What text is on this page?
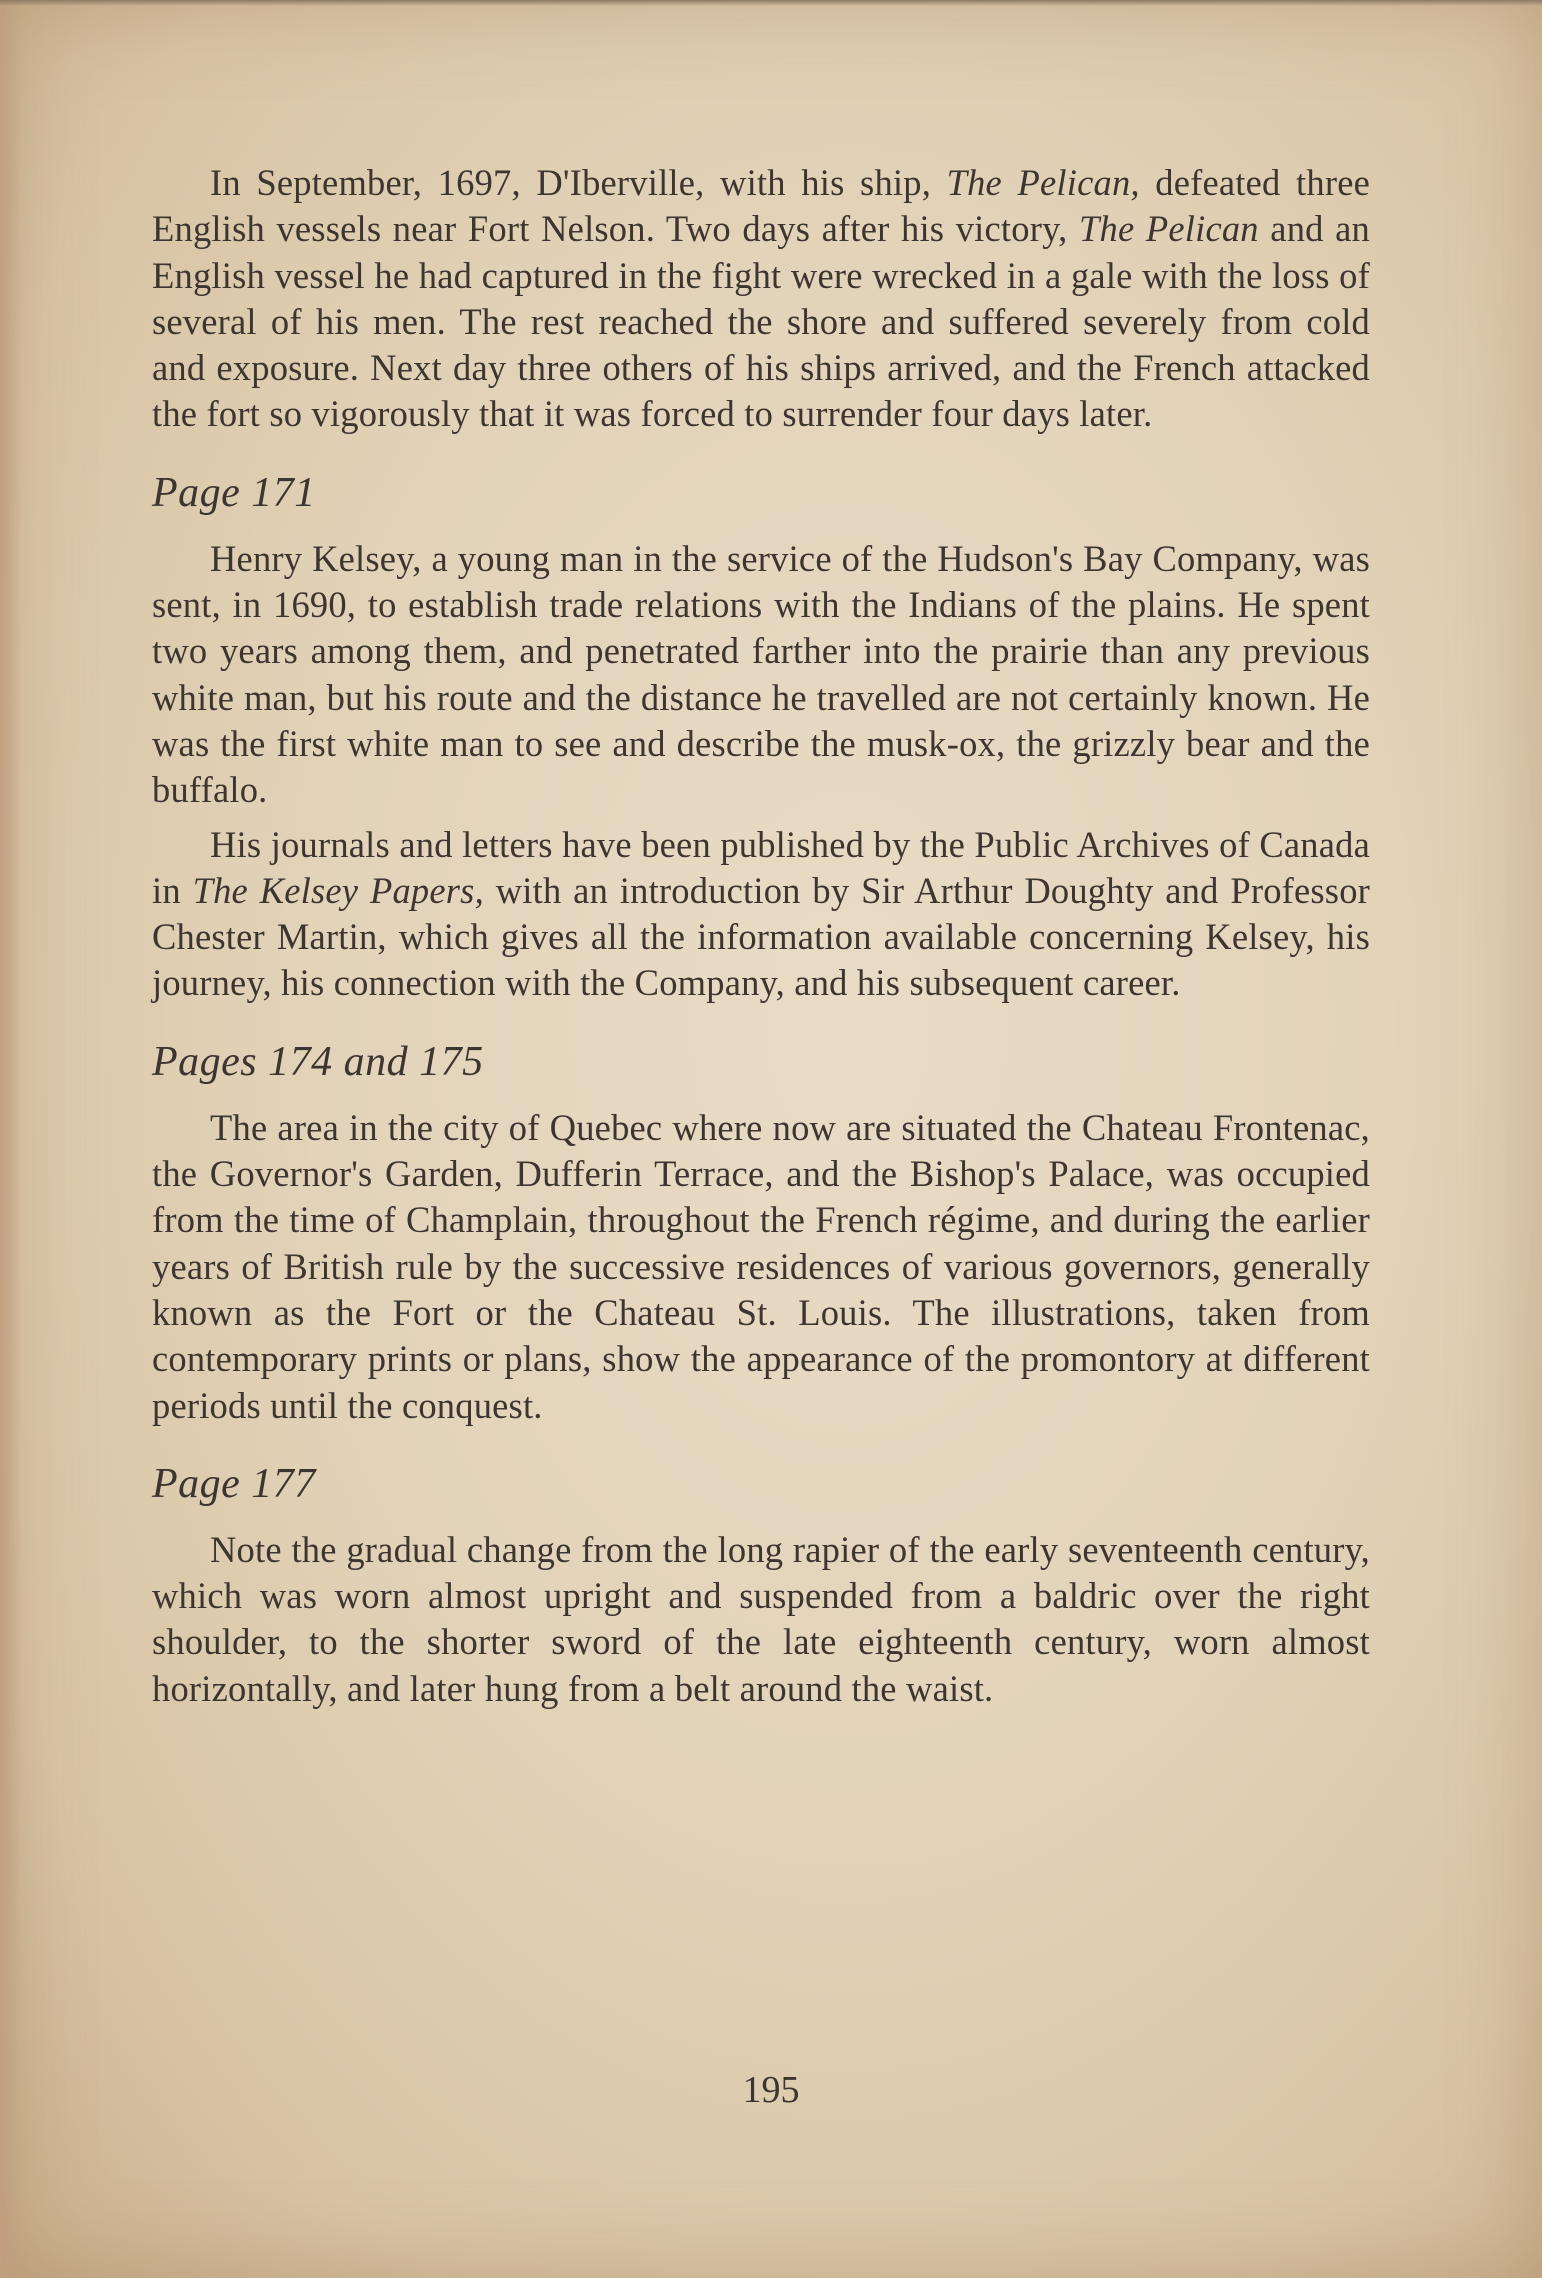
In September, 1697, D'Iberville, with his ship, The Pelican, defeated three English vessels near Fort Nelson. Two days after his victory, The Pelican and an English vessel he had captured in the fight were wrecked in a gale with the loss of several of his men. The rest reached the shore and suffered severely from cold and exposure. Next day three others of his ships arrived, and the French attacked the fort so vigorously that it was forced to surrender four days later.

Page 171

Henry Kelsey, a young man in the service of the Hudson's Bay Company, was sent, in 1690, to establish trade relations with the Indians of the plains. He spent two years among them, and penetrated farther into the prairie than any previous white man, but his route and the distance he travelled are not certainly known. He was the first white man to see and describe the musk-ox, the grizzly bear and the buffalo.

His journals and letters have been published by the Public Archives of Canada in The Kelsey Papers, with an introduction by Sir Arthur Doughty and Professor Chester Martin, which gives all the information available concerning Kelsey, his journey, his connection with the Company, and his subsequent career.

Pages 174 and 175

The area in the city of Quebec where now are situated the Chateau Frontenac, the Governor's Garden, Dufferin Terrace, and the Bishop's Palace, was occupied from the time of Champlain, throughout the French régime, and during the earlier years of British rule by the successive residences of various governors, generally known as the Fort or the Chateau St. Louis. The illustrations, taken from contemporary prints or plans, show the appearance of the promontory at different periods until the conquest.

Page 177

Note the gradual change from the long rapier of the early seventeenth century, which was worn almost upright and suspended from a baldric over the right shoulder, to the shorter sword of the late eighteenth century, worn almost horizontally, and later hung from a belt around the waist.

195
